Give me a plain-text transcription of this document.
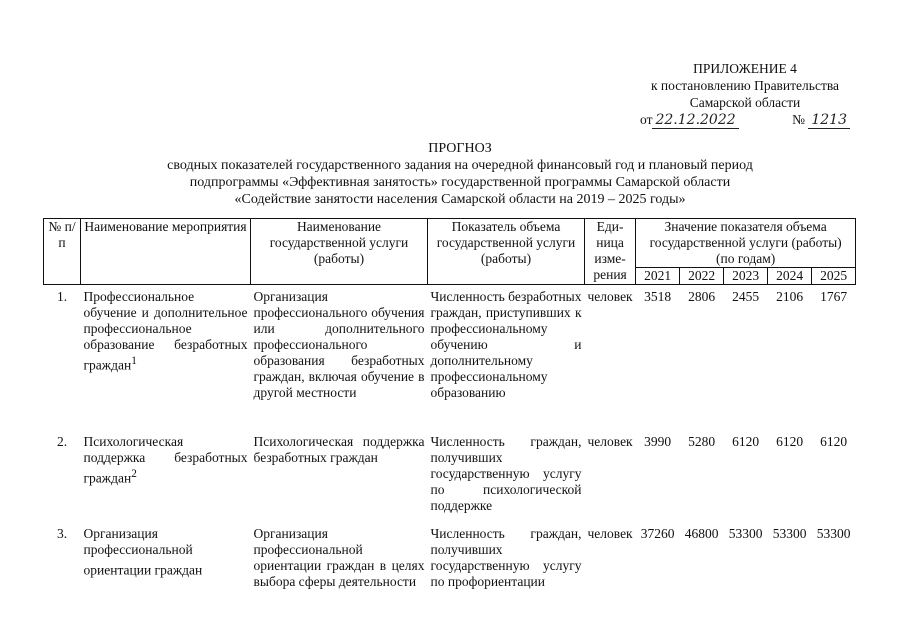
ПРИЛОЖЕНИЕ 4
к постановлению Правительства
Самарской области
от 22.12.2022	№ 1213
ПРОГНОЗ
сводных показателей государственного задания на очередной финансовый год и плановый период
подпрограммы «Эффективная занятость» государственной программы Самарской области
«Содействие занятости населения Самарской области на 2019 – 2025 годы»
№ п/п	Наименование мероприятия	Наименование государственной услуги (работы)	Показатель объема государственной услуги (работы)	Еди-ница изме-рения	Значение показателя объема государственной услуги (работы) (по годам)				
					2021	2022	2023	2024	2025
1.	Профессиональное обучение и дополнительное профессиональное образование безработных граждан$^1$	Организация профессионального обучения или дополнительного профессионального образования безработных граждан, включая обучение в другой местности	Численность безработных граждан, приступивших к профессиональному обучению и дополнительному профессиональному образованию	человек	3518	2806	2455	2106	1767
2.	Психологическая поддержка безработных граждан$^2$	Психологическая поддержка безработных граждан	Численность граждан, получивших государственную услугу по психологической поддержке	человек	3990	5280	6120	6120	6120
3.	Организация профессиональной ориентации граждан	Организация профессиональной ориентации граждан в целях выбора сферы деятельности	Численность граждан, получивших государственную услугу по профориентации	человек	37260	46800	53300	53300	53300
